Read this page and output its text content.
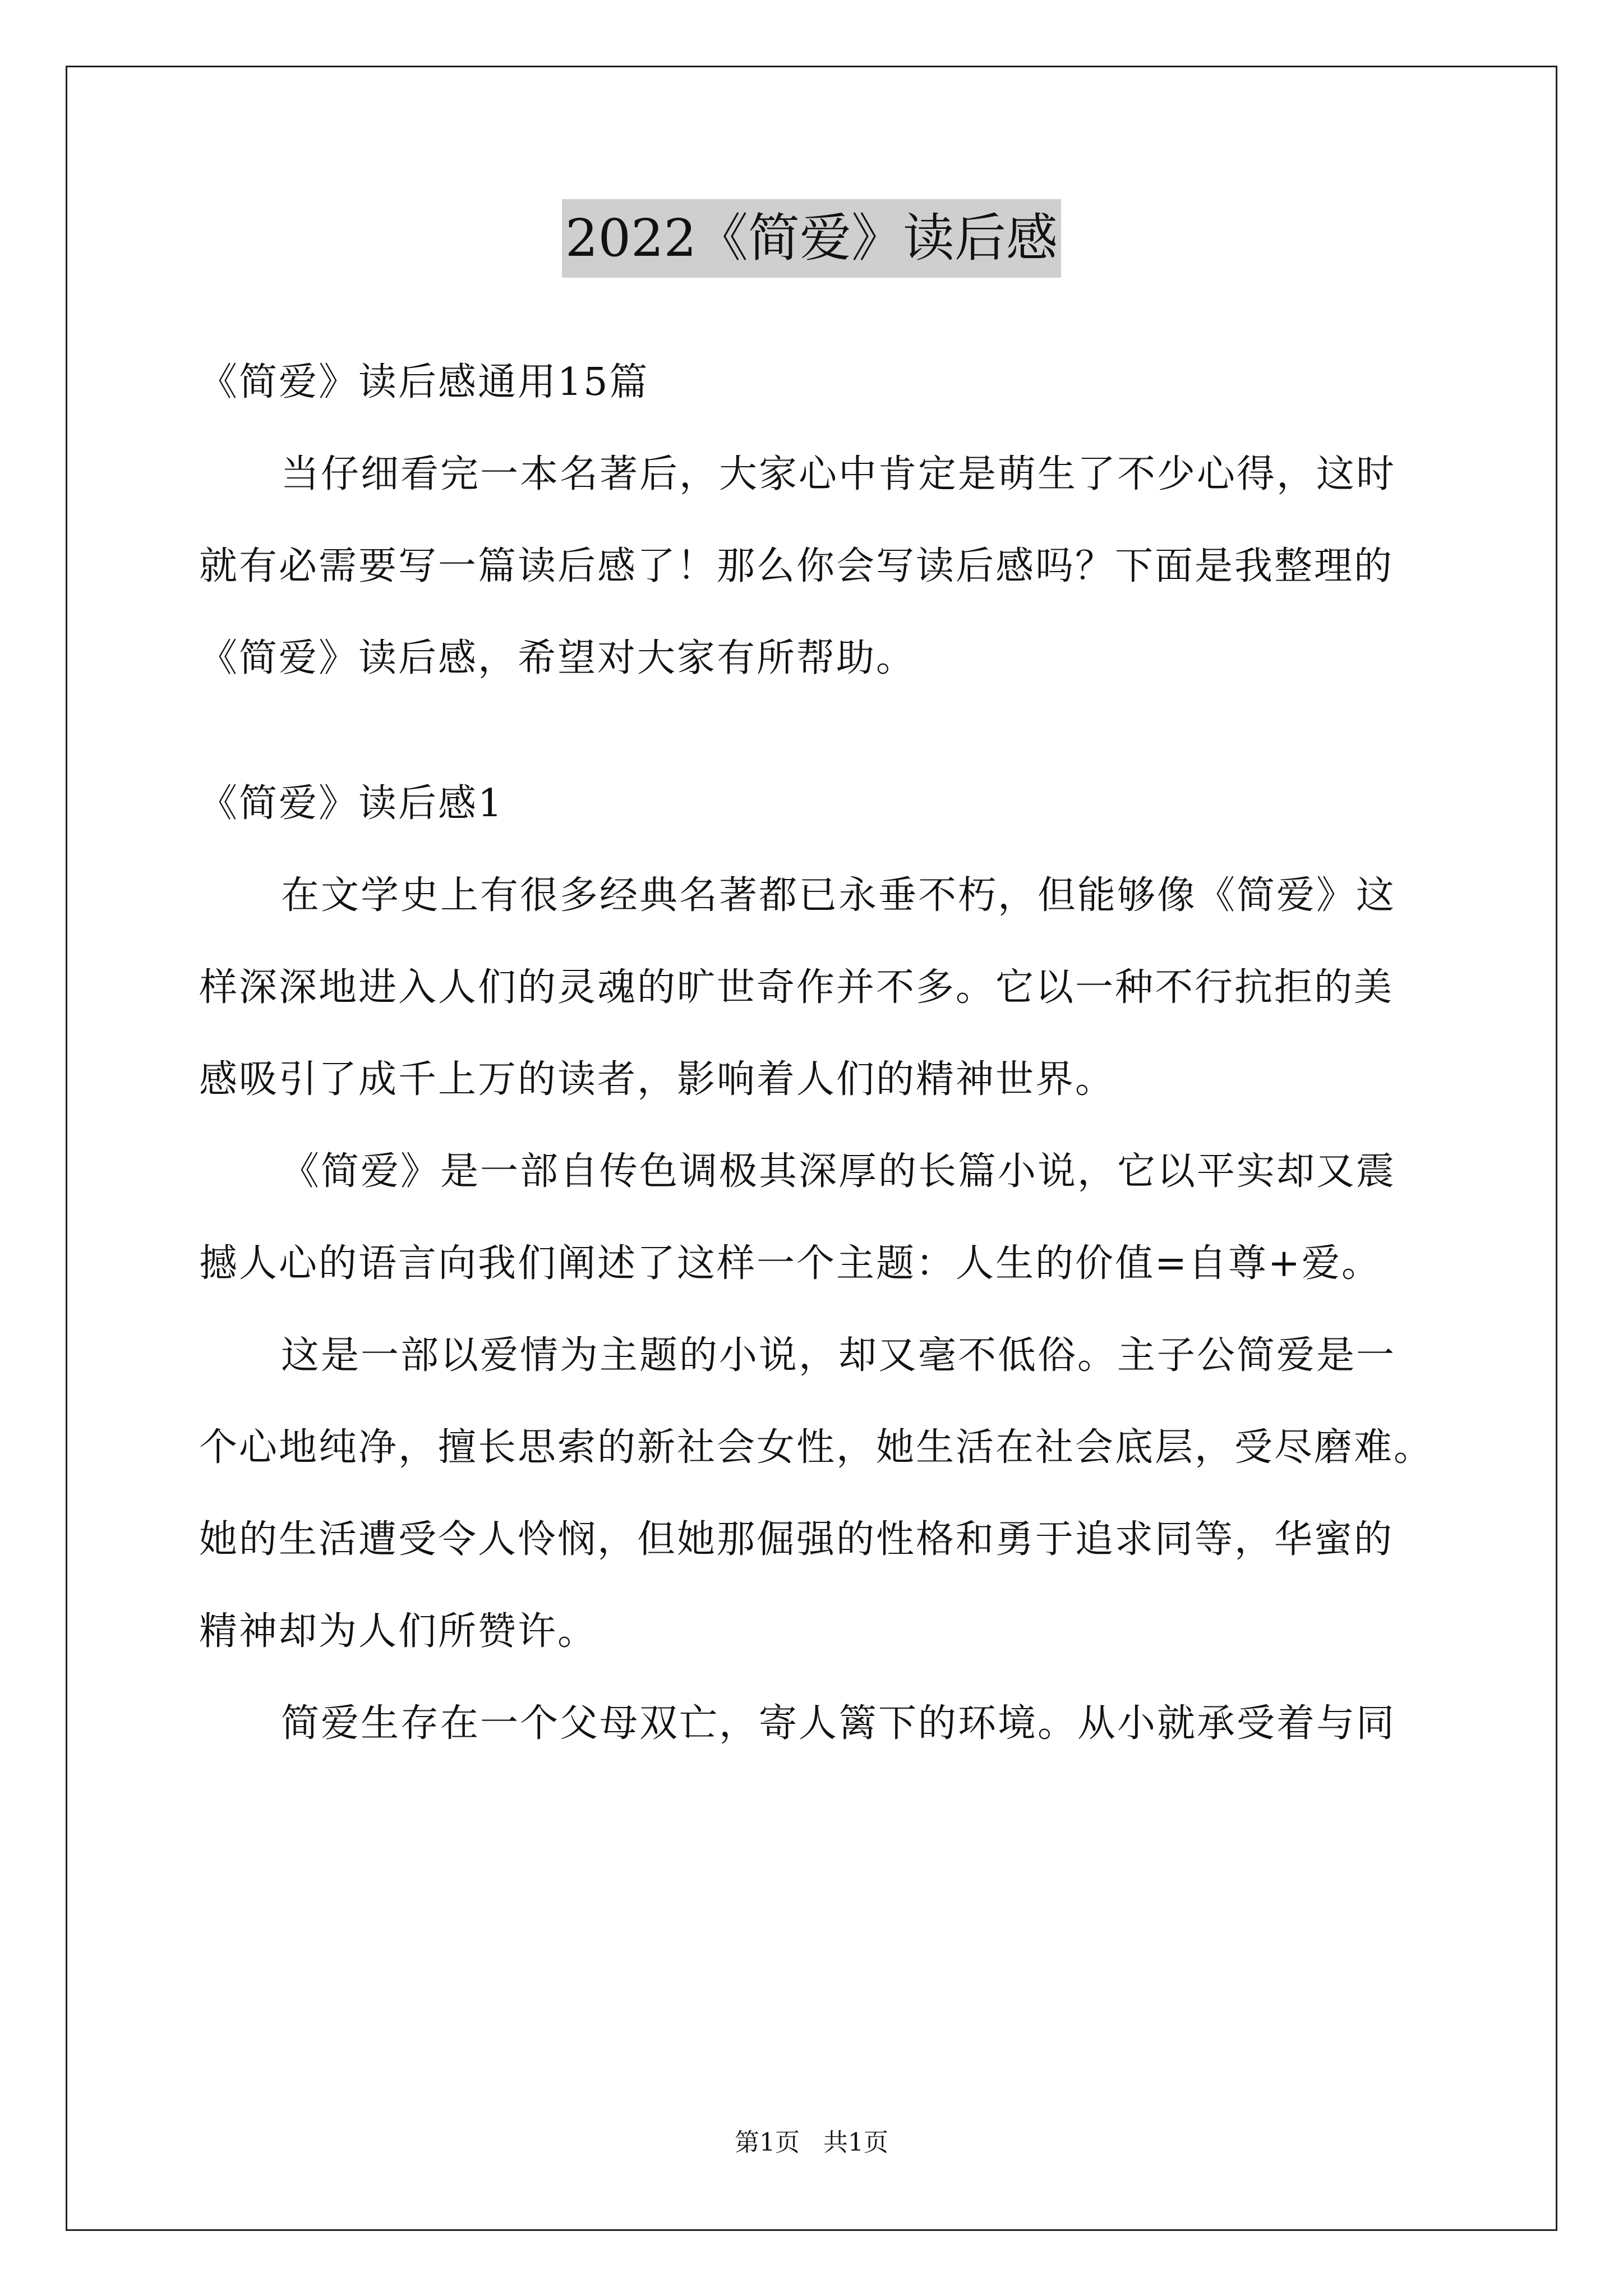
2022《简爱》读后感
《简爱》读后感通用15篇
当仔细看完一本名著后，大家心中肯定是萌生了不少心得，这时
就有必需要写一篇读后感了！那么你会写读后感吗？下面是我整理的
《简爱》读后感，希望对大家有所帮助。
《简爱》读后感1
在文学史上有很多经典名著都已永垂不朽，但能够像《简爱》这
样深深地进入人们的灵魂的旷世奇作并不多。它以一种不行抗拒的美
感吸引了成千上万的读者，影响着人们的精神世界。
《简爱》是一部自传色调极其深厚的长篇小说，它以平实却又震
撼人心的语言向我们阐述了这样一个主题：人生的价值=自尊+爱。
这是一部以爱情为主题的小说，却又毫不低俗。主子公简爱是一
个心地纯净，擅长思索的新社会女性，她生活在社会底层，受尽磨难。
她的生活遭受令人怜悯，但她那倔强的性格和勇于追求同等，华蜜的
精神却为人们所赞许。
简爱生存在一个父母双亡，寄人篱下的环境。从小就承受着与同
第1页 共1页
